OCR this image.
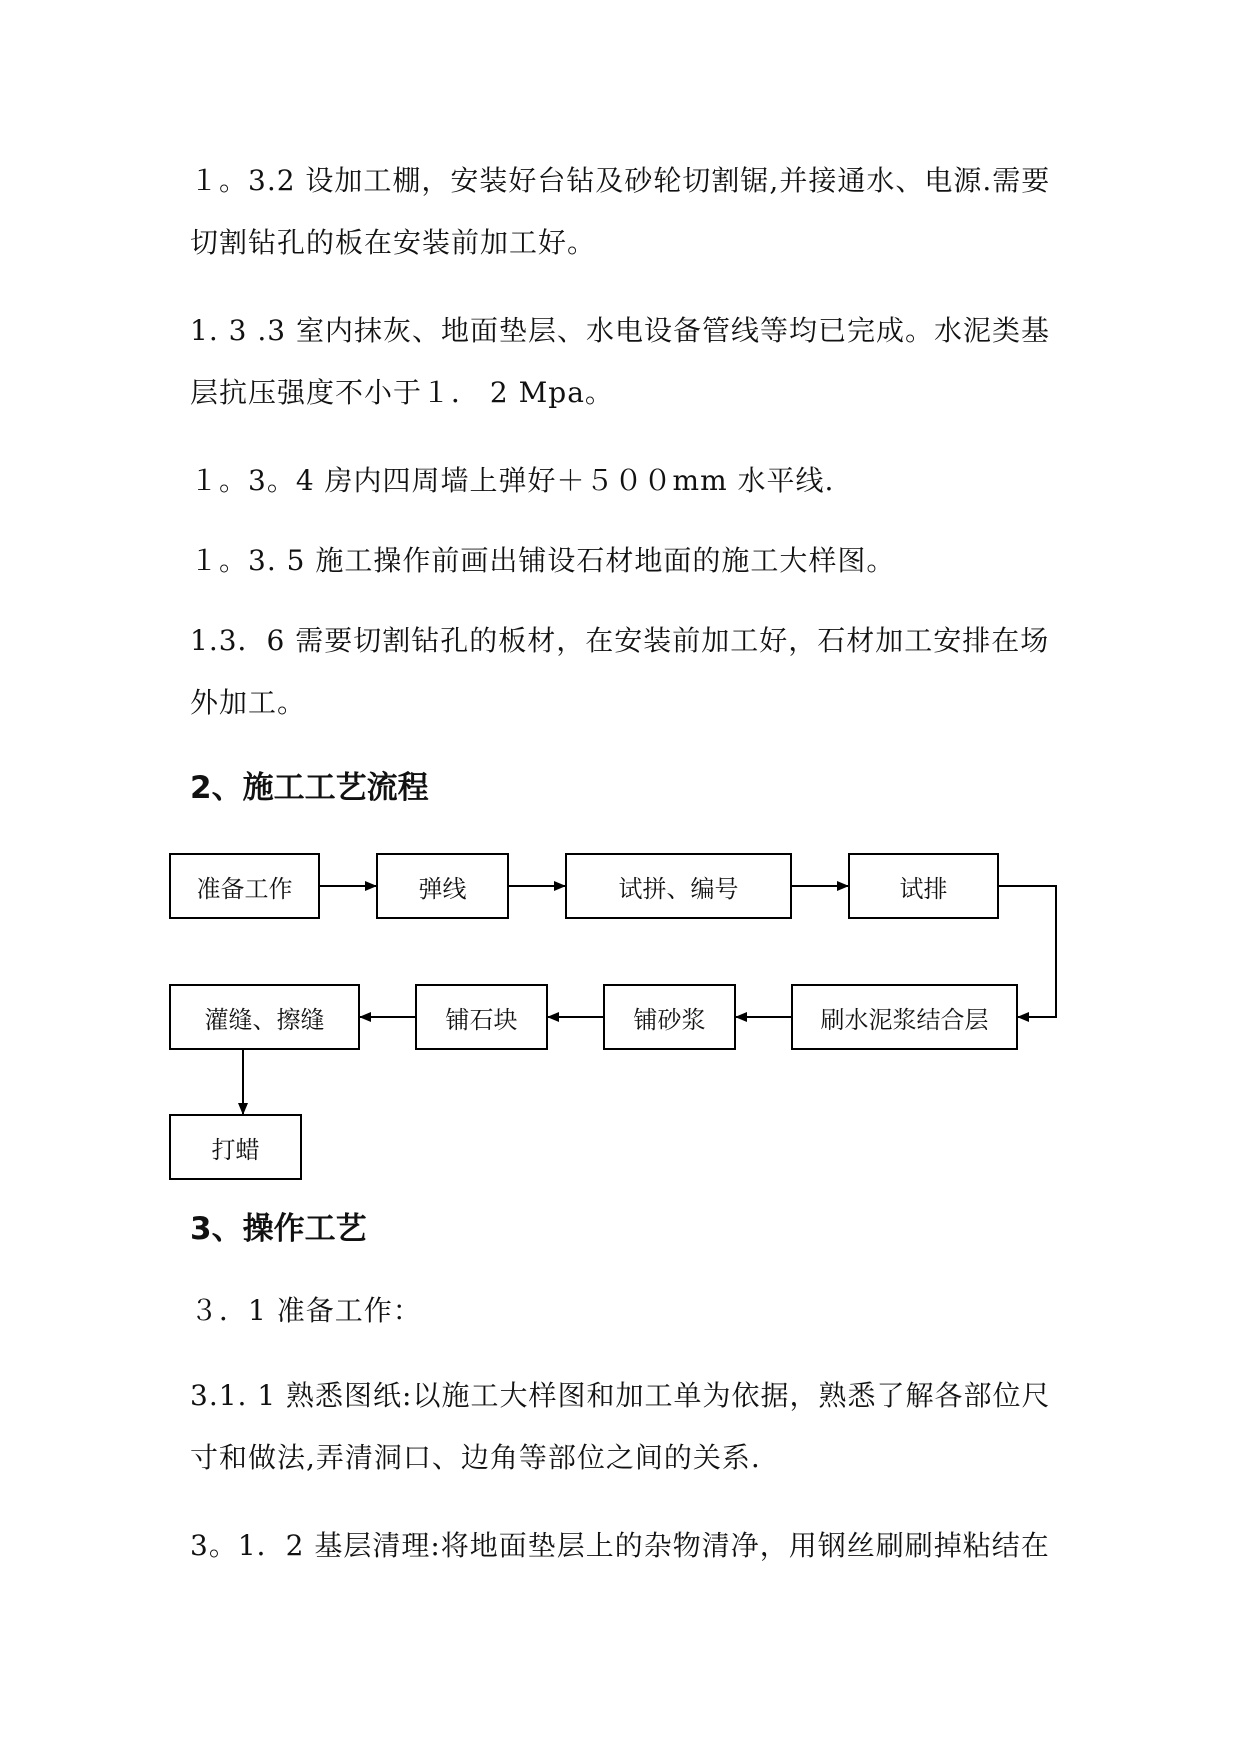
１。3.2 设加工棚，安装好台钻及砂轮切割锯,并接通水、电源.需要切割钻孔的板在安装前加工好。

1. 3 .3 室内抹灰、地面垫层、水电设备管线等均已完成。水泥类基层抗压强度不小于１． 2 Mpa。

１。3。4 房内四周墙上弹好＋５００mm 水平线.

１。3. 5 施工操作前画出铺设石材地面的施工大样图。

1.3．6 需要切割钻孔的板材，在安装前加工好，石材加工安排在场外加工。

2、施工工艺流程
准备工作	弹线	试拼、编号	试排
刷水泥浆结合层
铺砂浆
铺石块
灌缝、擦缝
打蜡
3、操作工艺

３．1 准备工作：

3.1. 1 熟悉图纸:以施工大样图和加工单为依据，熟悉了解各部位尺寸和做法,弄清洞口、边角等部位之间的关系.

3。1．2 基层清理:将地面垫层上的杂物清净，用钢丝刷刷掉粘结在
